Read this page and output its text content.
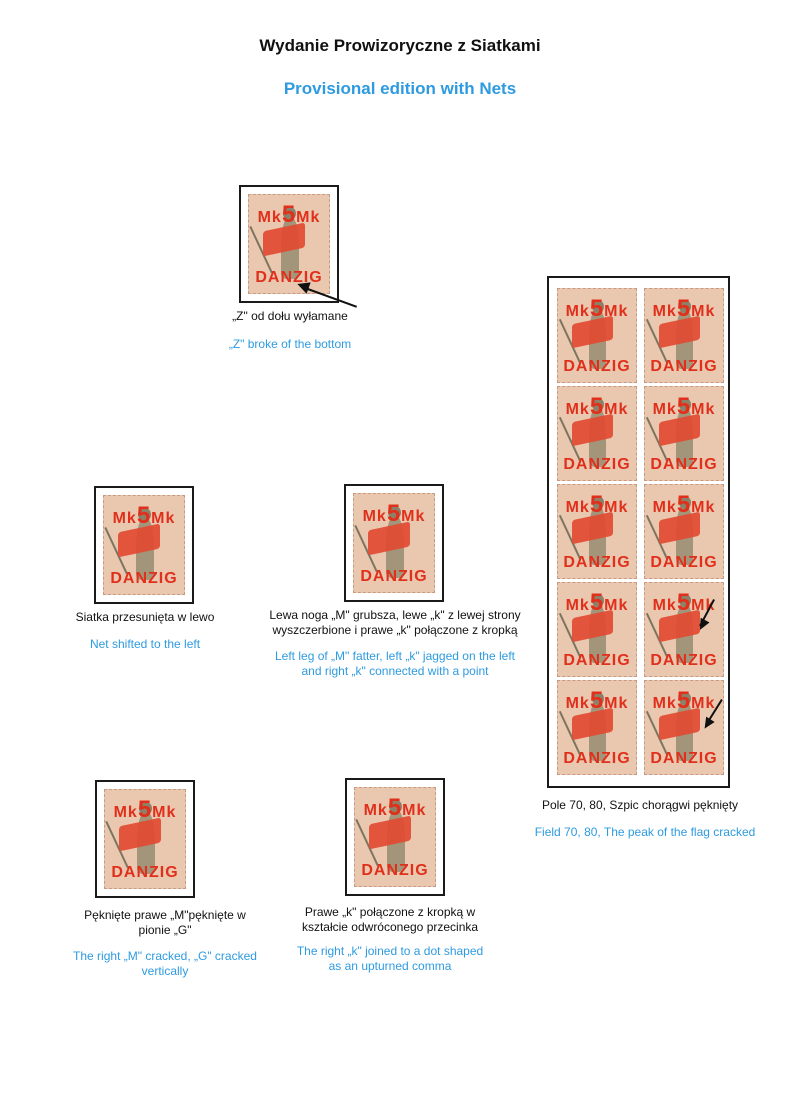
Wydanie Prowizoryczne z Siatkami
Provisional edition with Nets
Mk5Mk
DANZIG
„Z" od dołu wyłamane
„Z" broke of the bottom
Mk5Mk
DANZIG
Siatka przesunięta w lewo
Net shifted to the left
Mk5Mk
DANZIG
Lewa noga „M" grubsza, lewe „k" z lewej strony
wyszczerbione i prawe „k" połączone z kropką
Left leg of „M" fatter, left „k" jagged on the left
and right „k" connected with a point
Mk5Mk
DANZIG
Pęknięte prawe „M"pęknięte w
pionie „G"
The right „M" cracked, „G" cracked
vertically
Mk5Mk
DANZIG
Prawe „k" połączone z kropką w
kształcie odwróconego przecinka
The right „k" joined to a dot shaped
as an upturned comma
Mk5Mk
DANZIG
Mk5Mk
DANZIG
Mk5Mk
DANZIG
Mk5Mk
DANZIG
Mk5Mk
DANZIG
Mk5Mk
DANZIG
Mk5Mk
DANZIG
Mk5Mk
DANZIG
Mk5Mk
DANZIG
Mk5Mk
DANZIG
Pole 70, 80, Szpic chorągwi pęknięty
Field 70, 80, The peak of the flag cracked
